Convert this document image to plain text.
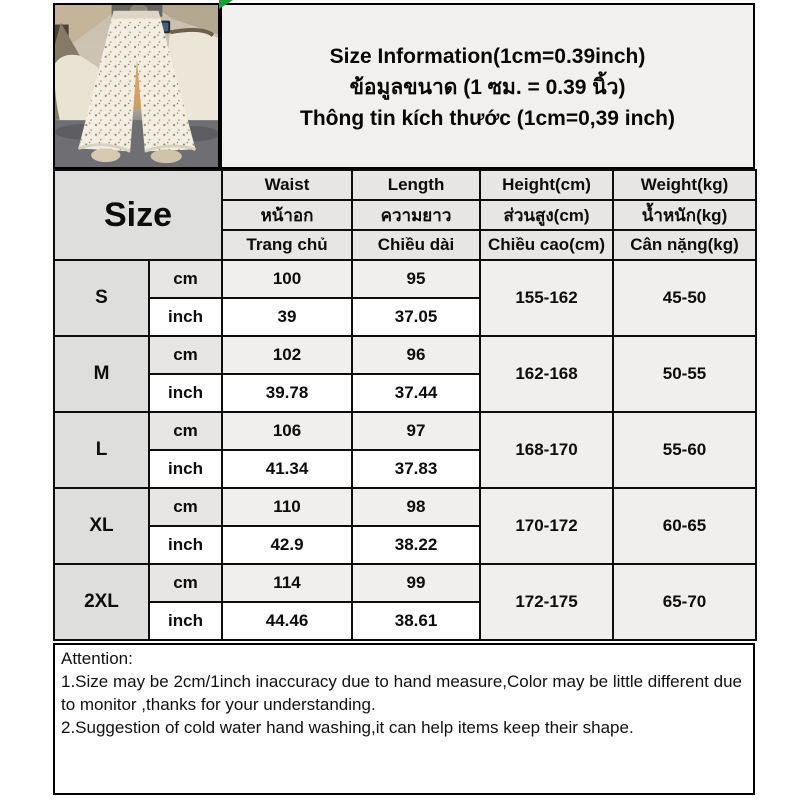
Size Information(1cm=0.39inch)
ข้อมูลขนาด (1 ซม. = 0.39 นิ้ว)
Thông tin kích thước (1cm=0,39 inch)
Size		Waist	Length	Height(cm)	Weight(kg)
		หน้าอก	ความยาว	ส่วนสูง(cm)	น้ำหนัก(kg)
		Trang chủ	Chiều dài	Chiều cao(cm)	Cân nặng(kg)
S	cm	100	95	155-162	45-50
	inch	39	37.05		
M	cm	102	96	162-168	50-55
	inch	39.78	37.44		
L	cm	106	97	168-170	55-60
	inch	41.34	37.83		
XL	cm	110	98	170-172	60-65
	inch	42.9	38.22		
2XL	cm	114	99	172-175	65-70
	inch	44.46	38.61		
Attention:
1.Size may be 2cm/1inch inaccuracy due to hand measure,Color may be little different due to monitor ,thanks for your understanding.
2.Suggestion of cold water hand washing,it can help items keep their shape.
